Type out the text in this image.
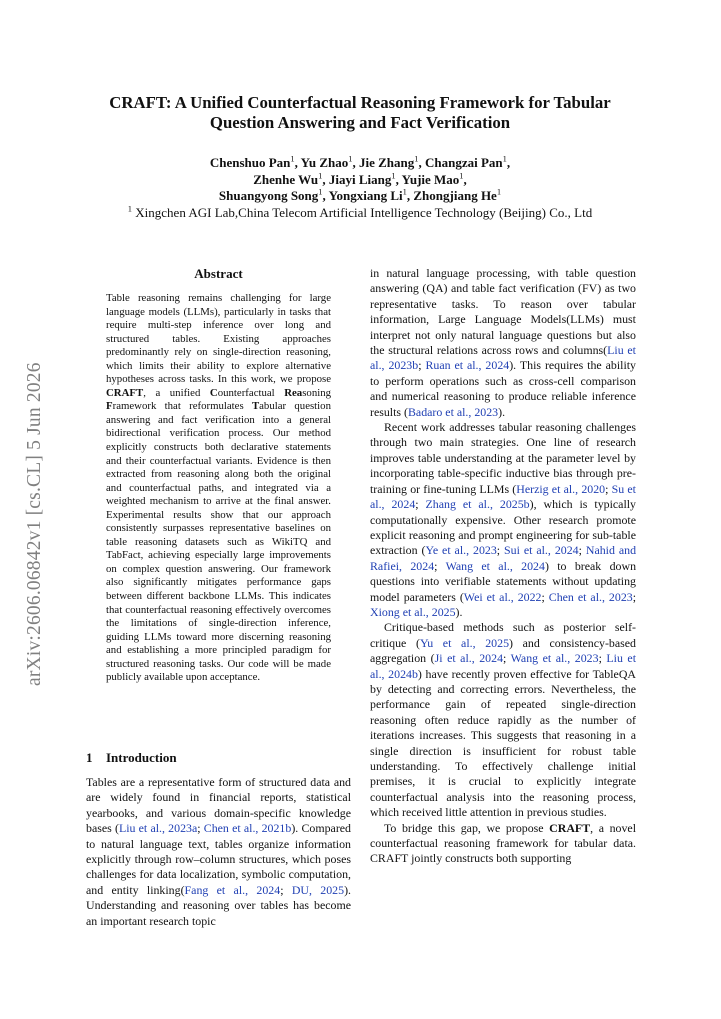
arXiv:2606.06842v1 [cs.CL] 5 Jun 2026
CRAFT: A Unified Counterfactual Reasoning Framework for Tabular
Question Answering and Fact Verification
Chenshuo Pan$^1$, Yu Zhao$^1$, Jie Zhang$^1$, Changzai Pan$^1$,
Zhenhe Wu$^1$, Jiayi Liang$^1$, Yujie Mao$^1$,
Shuangyong Song$^1$, Yongxiang Li$^1$, Zhongjiang He$^1$
$^1$ Xingchen AGI Lab,China Telecom Artificial Intelligence Technology (Beijing) Co., Ltd
Abstract

Table reasoning remains challenging for large language models (LLMs), particularly in tasks that require multi-step inference over long and structured tables. Existing approaches predominantly rely on single-direction reasoning, which limits their ability to explore alternative hypotheses across tasks. In this work, we propose CRAFT, a unified Counterfactual Reasoning Framework that reformulates Tabular question answering and fact verification into a general bidirectional verification process. Our method explicitly constructs both declarative statements and their counterfactual variants. Evidence is then extracted from reasoning along both the original and counterfactual paths, and integrated via a weighted mechanism to arrive at the final answer. Experimental results show that our approach consistently surpasses representative baselines on table reasoning datasets such as WikiTQ and TabFact, achieving especially large improvements on complex question answering. Our framework also significantly mitigates performance gaps between different backbone LLMs. This indicates that counterfactual reasoning effectively overcomes the limitations of single-direction inference, guiding LLMs toward more discerning reasoning and establishing a more principled paradigm for structured reasoning tasks. Our code will be made publicly available upon acceptance.

1 Introduction

Tables are a representative form of structured data and are widely found in financial reports, statistical yearbooks, and various domain-specific knowledge bases (Liu et al., 2023a; Chen et al., 2021b). Compared to natural language text, tables organize information explicitly through row–column structures, which poses challenges for data localization, symbolic computation, and entity linking(Fang et al., 2024; DU, 2025). Understanding and reasoning over tables has become an important research topic

in natural language processing, with table question answering (QA) and table fact verification (FV) as two representative tasks. To reason over tabular information, Large Language Models(LLMs) must interpret not only natural language questions but also the structural relations across rows and columns(Liu et al., 2023b; Ruan et al., 2024). This requires the ability to perform operations such as cross-cell comparison and numerical reasoning to produce reliable inference results (Badaro et al., 2023).

Recent work addresses tabular reasoning challenges through two main strategies. One line of research improves table understanding at the parameter level by incorporating table-specific inductive bias through pre-training or fine-tuning LLMs (Herzig et al., 2020; Su et al., 2024; Zhang et al., 2025b), which is typically computationally expensive. Other research promote explicit reasoning and prompt engineering for sub-table extraction (Ye et al., 2023; Sui et al., 2024; Nahid and Rafiei, 2024; Wang et al., 2024) to break down questions into verifiable statements without updating model parameters (Wei et al., 2022; Chen et al., 2023; Xiong et al., 2025).

Critique-based methods such as posterior self-critique (Yu et al., 2025) and consistency-based aggregation (Ji et al., 2024; Wang et al., 2023; Liu et al., 2024b) have recently proven effective for TableQA by detecting and correcting errors. Nevertheless, the performance gain of repeated single-direction reasoning often reduce rapidly as the number of iterations increases. This suggests that reasoning in a single direction is insufficient for robust table understanding. To effectively challenge initial premises, it is crucial to explicitly integrate counterfactual analysis into the reasoning process, which received little attention in previous studies.

To bridge this gap, we propose CRAFT, a novel counterfactual reasoning framework for tabular data. CRAFT jointly constructs both supporting
